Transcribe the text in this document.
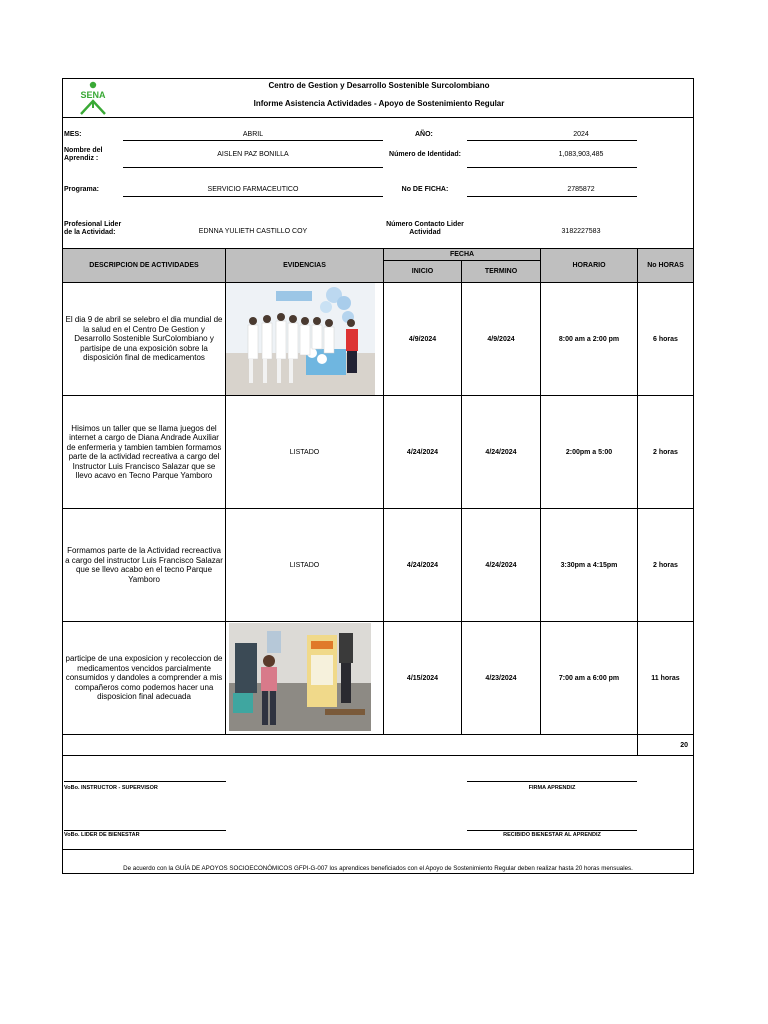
SENA
Centro de Gestion y Desarrollo Sostenible Surcolombiano
Informe Asistencia Actividades - Apoyo de Sostenimiento Regular
MES:	ABRIL	AÑO:	2024
Nombre del
Aprendiz :
AISLEN PAZ BONILLA	Número de Identidad:	1,083,903,485
Programa:	SERVICIO FARMACEUTICO	No DE FICHA:	2785872
Profesional Lider
de la Actividad:	EDNNA YULIETH CASTILLO COY
Número Contacto Lider
Actividad	3182227583
DESCRIPCION DE ACTIVIDADES	EVIDENCIAS
FECHA
INICIO	TERMINO
HORARIO	No HORAS
El dia 9 de abril se selebro el dia mundial de la salud en el Centro De Gestion y Desarrollo Sostenible SurColombiano y partisipe de una exposición sobre la disposición final de medicamentos
4/9/2024	4/9/2024	8:00 am a 2:00 pm	6 horas
Hisimos un taller que se llama juegos del internet a cargo de Diana Andrade Auxiliar de enfermeria y tambien tambien formamos parte de la actividad recreativa a cargo del Instructor Luis Francisco Salazar que se llevo acavo en Tecno Parque Yamboro
LISTADO	4/24/2024	4/24/2024	2:00pm a 5:00	2 horas
Formamos parte de la Actividad recreactiva a cargo del instructor Luis Francisco Salazar que se llevo acabo en el tecno Parque Yamboro
LISTADO	4/24/2024	4/24/2024	3:30pm a 4:15pm	2 horas
participe de una exposicion y recoleccion de medicamentos vencidos parcialmente consumidos y dandoles a comprender a mis compañeros como podemos hacer una disposicion final adecuada
4/15/2024	4/23/2024	7:00 am a 6:00 pm	11 horas
20
VoBo. INSTRUCTOR - SUPERVISOR	FIRMA APRENDIZ
VoBo. LIDER DE BIENESTAR	RECIBIDO BIENESTAR AL APRENDIZ
De acuerdo con la GUÍA DE APOYOS SOCIOECONÓMICOS GFPI-G-007 los aprendices beneficiados con el Apoyo de Sostenimiento Regular deben realizar hasta 20 horas mensuales.
